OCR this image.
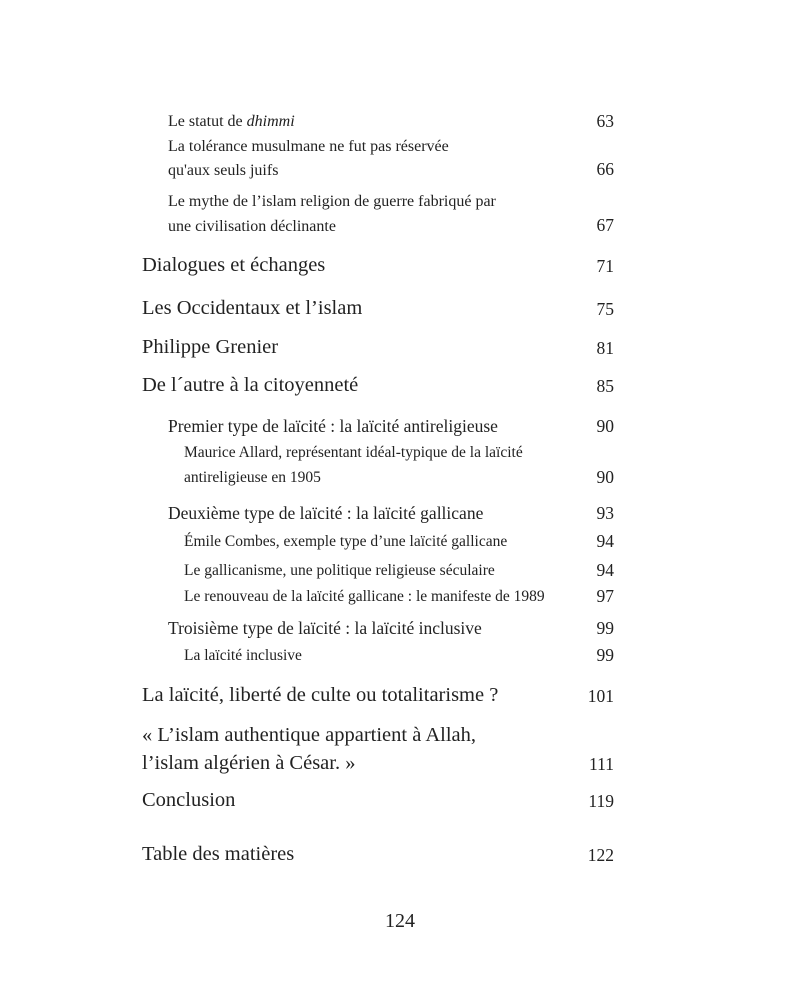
Le statut de dhimmi	63
La tolérance musulmane ne fut pas réservée
qu'aux seuls juifs	66
Le mythe de l’islam religion de guerre fabriqué par
une civilisation déclinante	67
Dialogues et échanges	71
Les Occidentaux et l’islam	75
Philippe Grenier	81
De l´autre à la citoyenneté	85
Premier type de laïcité : la laïcité antireligieuse	90
Maurice Allard, représentant idéal-typique de la laïcité
antireligieuse en 1905	90
Deuxième type de laïcité : la laïcité gallicane	93
Émile Combes, exemple type d’une laïcité gallicane	94
Le gallicanisme, une politique religieuse séculaire	94
Le renouveau de la laïcité gallicane : le manifeste de 1989	97
Troisième type de laïcité : la laïcité inclusive	99
La laïcité inclusive	99
La laïcité, liberté de culte ou totalitarisme ?	101
« L’islam authentique appartient à Allah,
l’islam algérien à César. »	111
Conclusion	119
Table des matières	122
124
